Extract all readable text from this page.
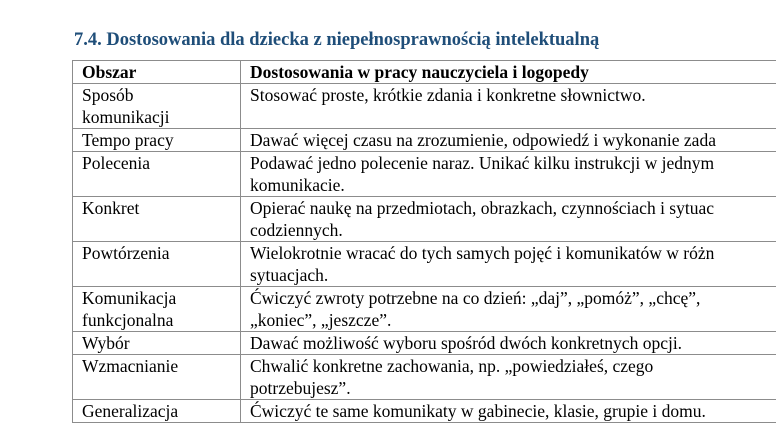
7.4. Dostosowania dla dziecka z niepełnosprawnością intelektualną
Obszar	Dostosowania w pracy nauczyciela i logopedy

Sposób
komunikacji	Stosować proste, krótkie zdania i konkretne słownictwo.

Tempo pracy	Dawać więcej czasu na zrozumienie, odpowiedź i wykonanie zada

Polecenia	Podawać jedno polecenie naraz. Unikać kilku instrukcji w jednym
komunikacie.

Konkret	Opierać naukę na przedmiotach, obrazkach, czynnościach i sytuac
codziennych.

Powtórzenia	Wielokrotnie wracać do tych samych pojęć i komunikatów w różn
sytuacjach.

Komunikacja
funkcjonalna	Ćwiczyć zwroty potrzebne na co dzień: „daj”, „pomóż”, „chcę”,
„koniec”, „jeszcze”.

Wybór	Dawać możliwość wyboru spośród dwóch konkretnych opcji.

Wzmacnianie	Chwalić konkretne zachowania, np. „powiedziałeś, czego
potrzebujesz”.

Generalizacja	Ćwiczyć te same komunikaty w gabinecie, klasie, grupie i domu.
